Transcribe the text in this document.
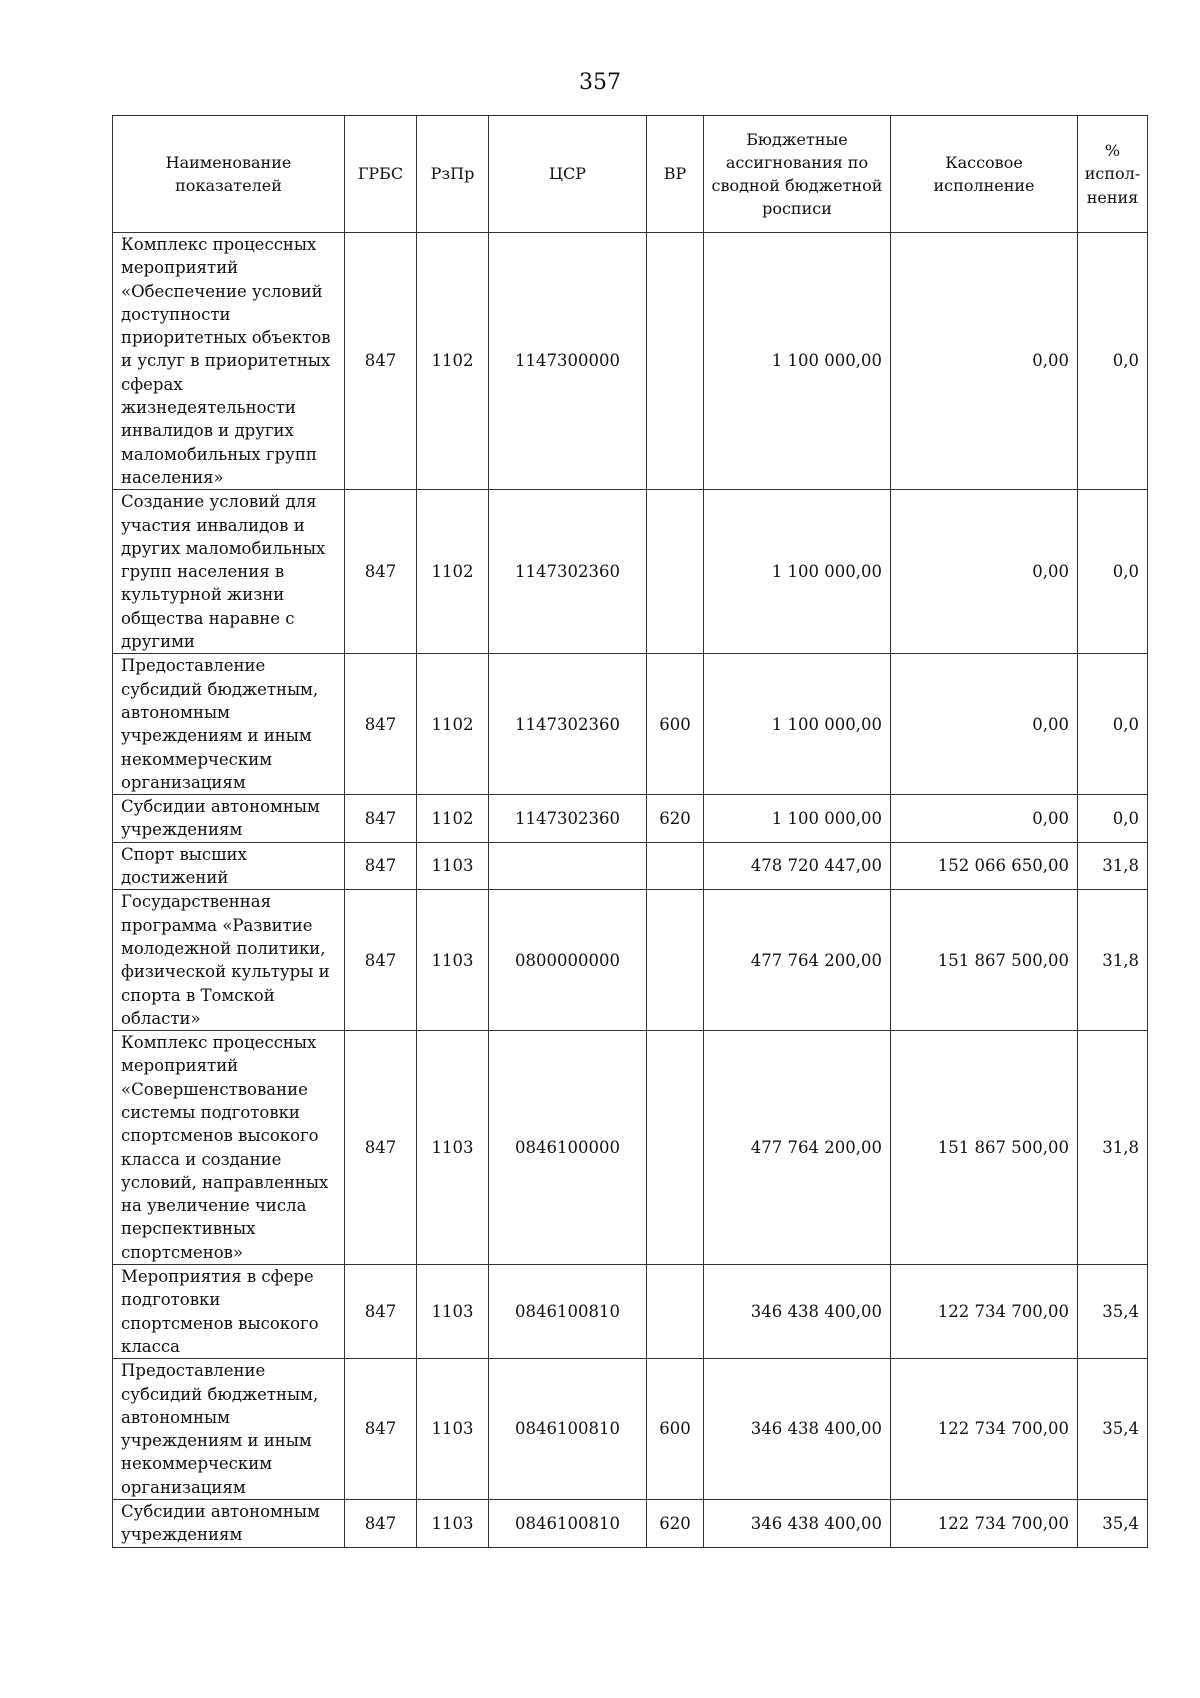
357
Наименование показателей	ГРБС	РзПр	ЦСР	ВР	Бюджетные ассигнования по сводной бюджетной росписи	Кассовое исполнение	% испол-нения
Комплекс процессных мероприятий «Обеспечение условий доступности приоритетных объектов и услуг в приоритетных сферах жизнедеятельности инвалидов и других маломобильных групп населения»	847	1102	1147300000		1 100 000,00	0,00	0,0
Создание условий для участия инвалидов и других маломобильных групп населения в культурной жизни общества наравне с другими	847	1102	1147302360		1 100 000,00	0,00	0,0
Предоставление субсидий бюджетным, автономным учреждениям и иным некоммерческим организациям	847	1102	1147302360	600	1 100 000,00	0,00	0,0
Субсидии автономным учреждениям	847	1102	1147302360	620	1 100 000,00	0,00	0,0
Спорт высших достижений	847	1103			478 720 447,00	152 066 650,00	31,8
Государственная программа «Развитие молодежной политики, физической культуры и спорта в Томской области»	847	1103	0800000000		477 764 200,00	151 867 500,00	31,8
Комплекс процессных мероприятий «Совершенствование системы подготовки спортсменов высокого класса и создание условий, направленных на увеличение числа перспективных спортсменов»	847	1103	0846100000		477 764 200,00	151 867 500,00	31,8
Мероприятия в сфере подготовки спортсменов высокого класса	847	1103	0846100810		346 438 400,00	122 734 700,00	35,4
Предоставление субсидий бюджетным, автономным учреждениям и иным некоммерческим организациям	847	1103	0846100810	600	346 438 400,00	122 734 700,00	35,4
Субсидии автономным учреждениям	847	1103	0846100810	620	346 438 400,00	122 734 700,00	35,4
